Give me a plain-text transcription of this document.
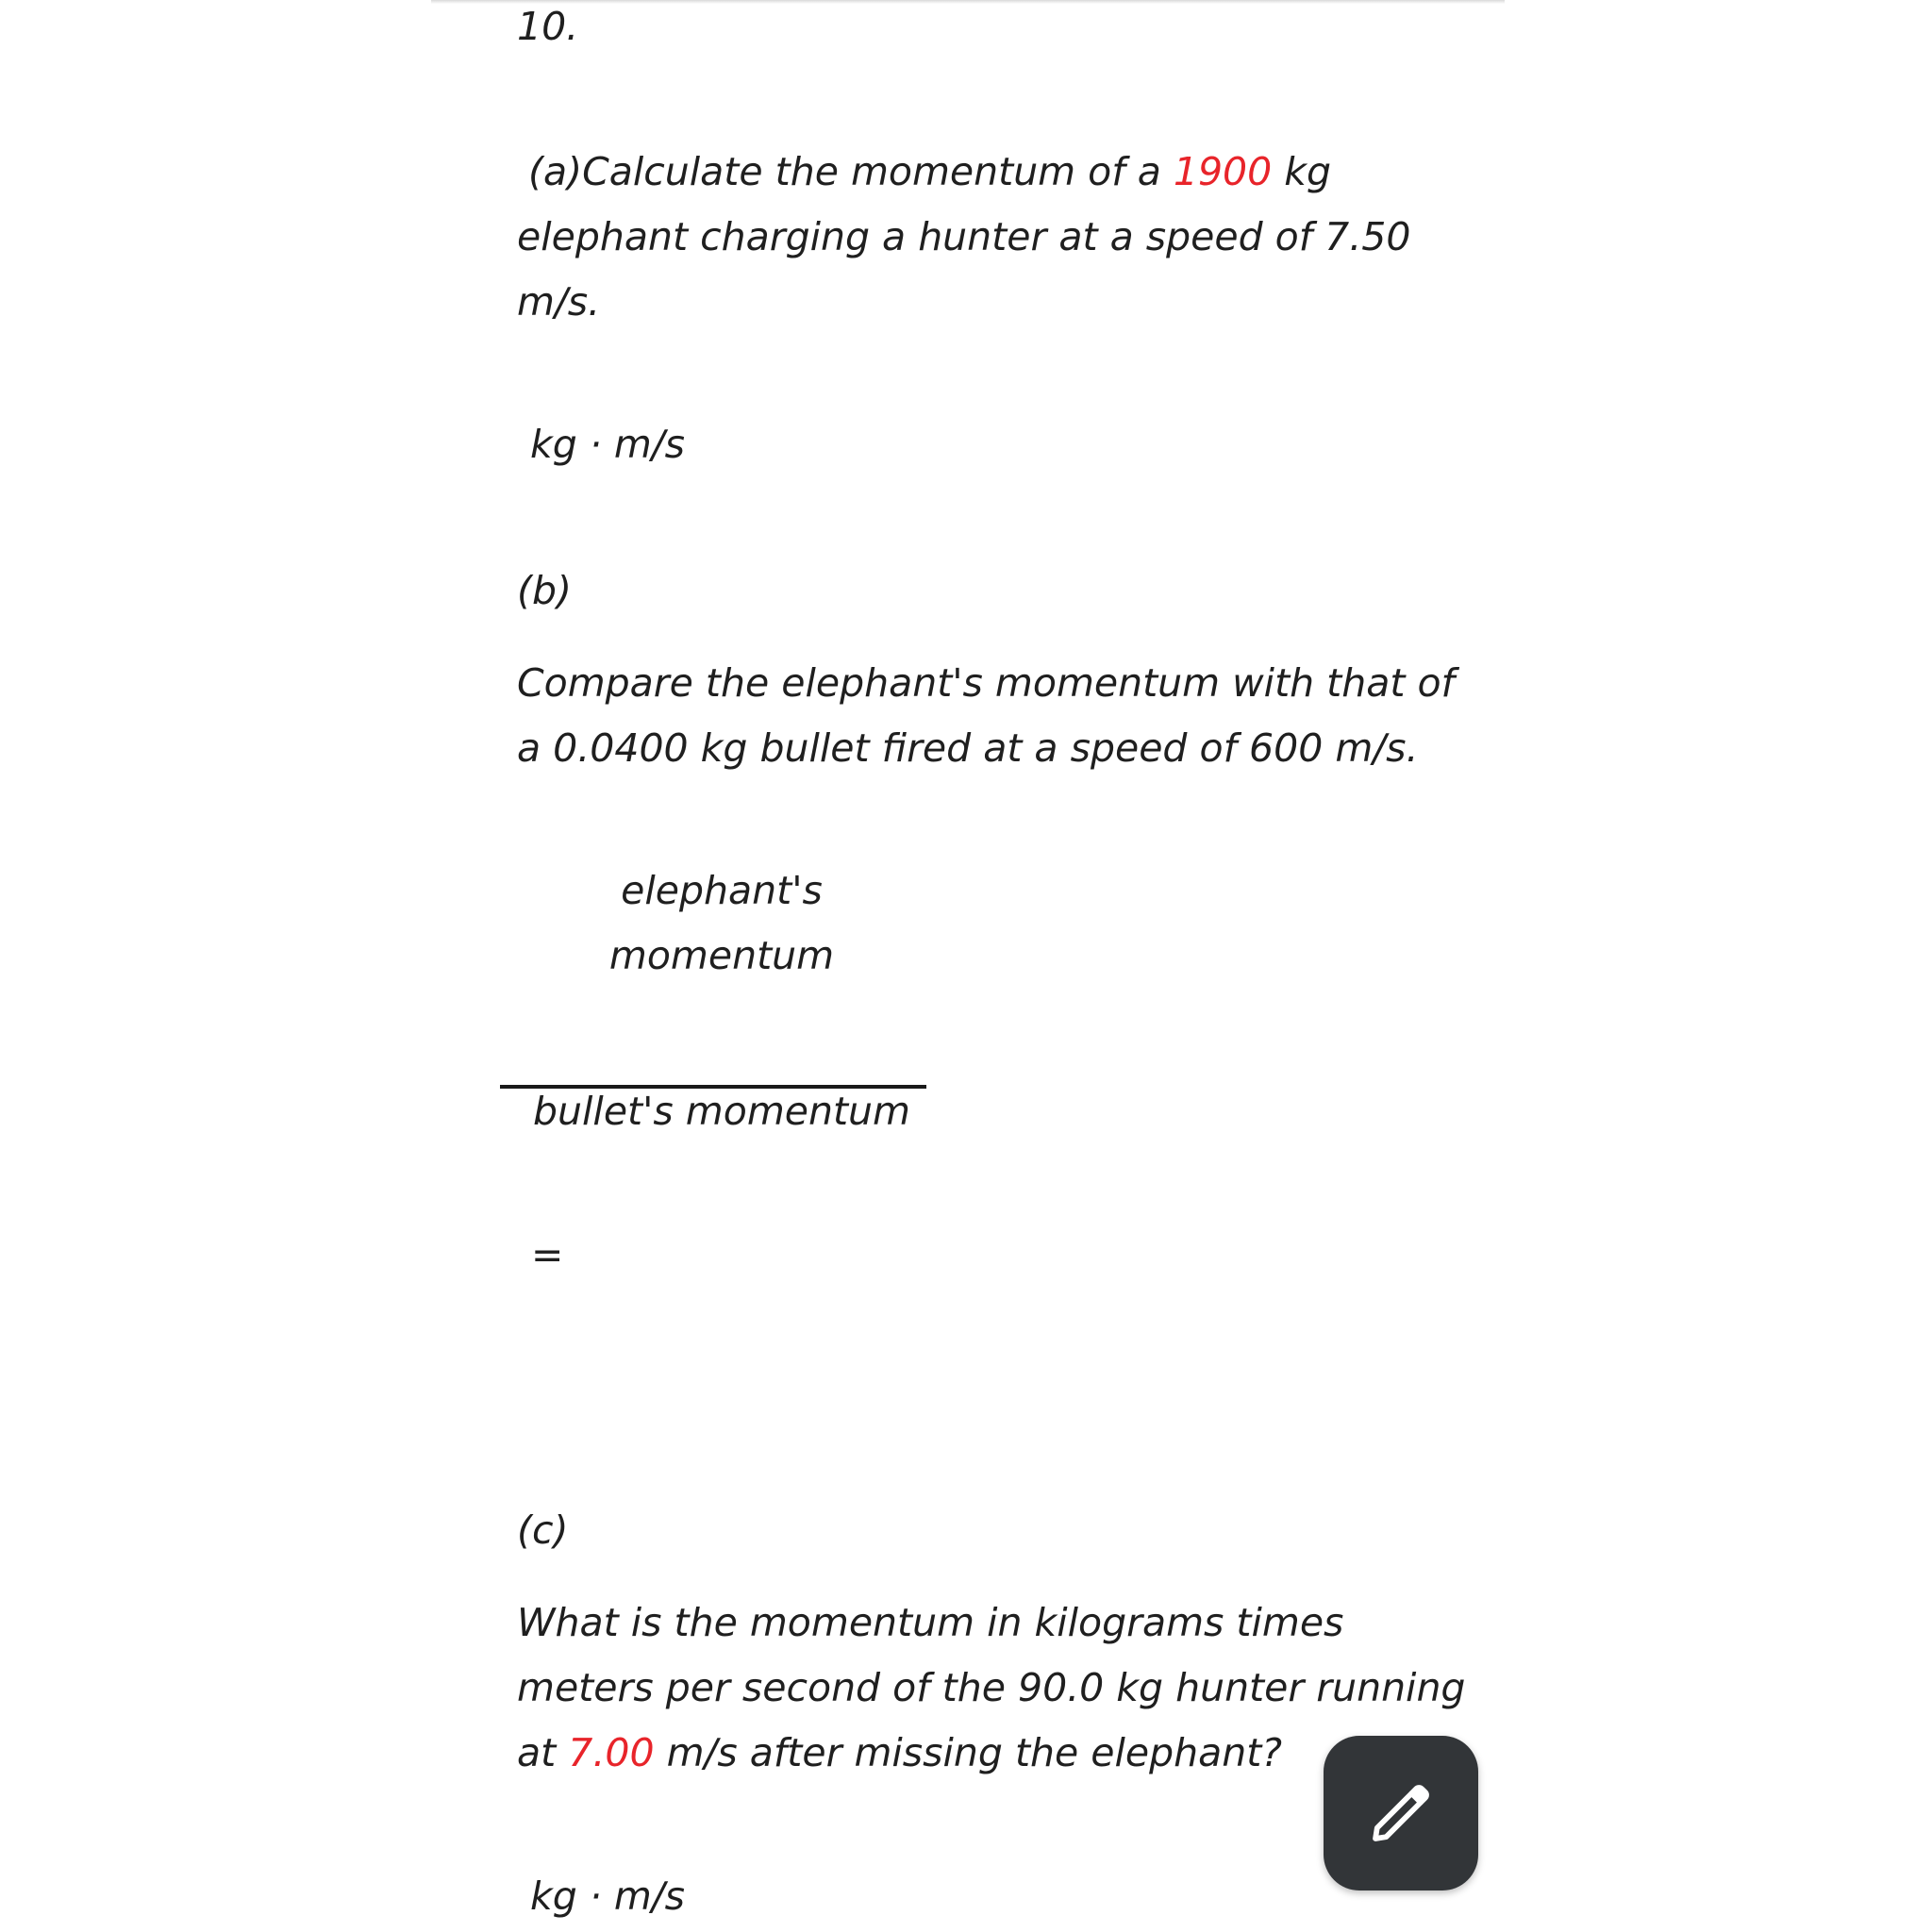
10.

(a)Calculate the momentum of a 1900 kg

elephant charging a hunter at a speed of 7.50

m/s.

kg · m/s

(b)

Compare the elephant's momentum with that of

a 0.0400 kg bullet fired at a speed of 600 m/s.

elephant's

momentum

bullet's momentum

=

(c)

What is the momentum in kilograms times

meters per second of the 90.0 kg hunter running

at 7.00 m/s after missing the elephant?

kg · m/s
